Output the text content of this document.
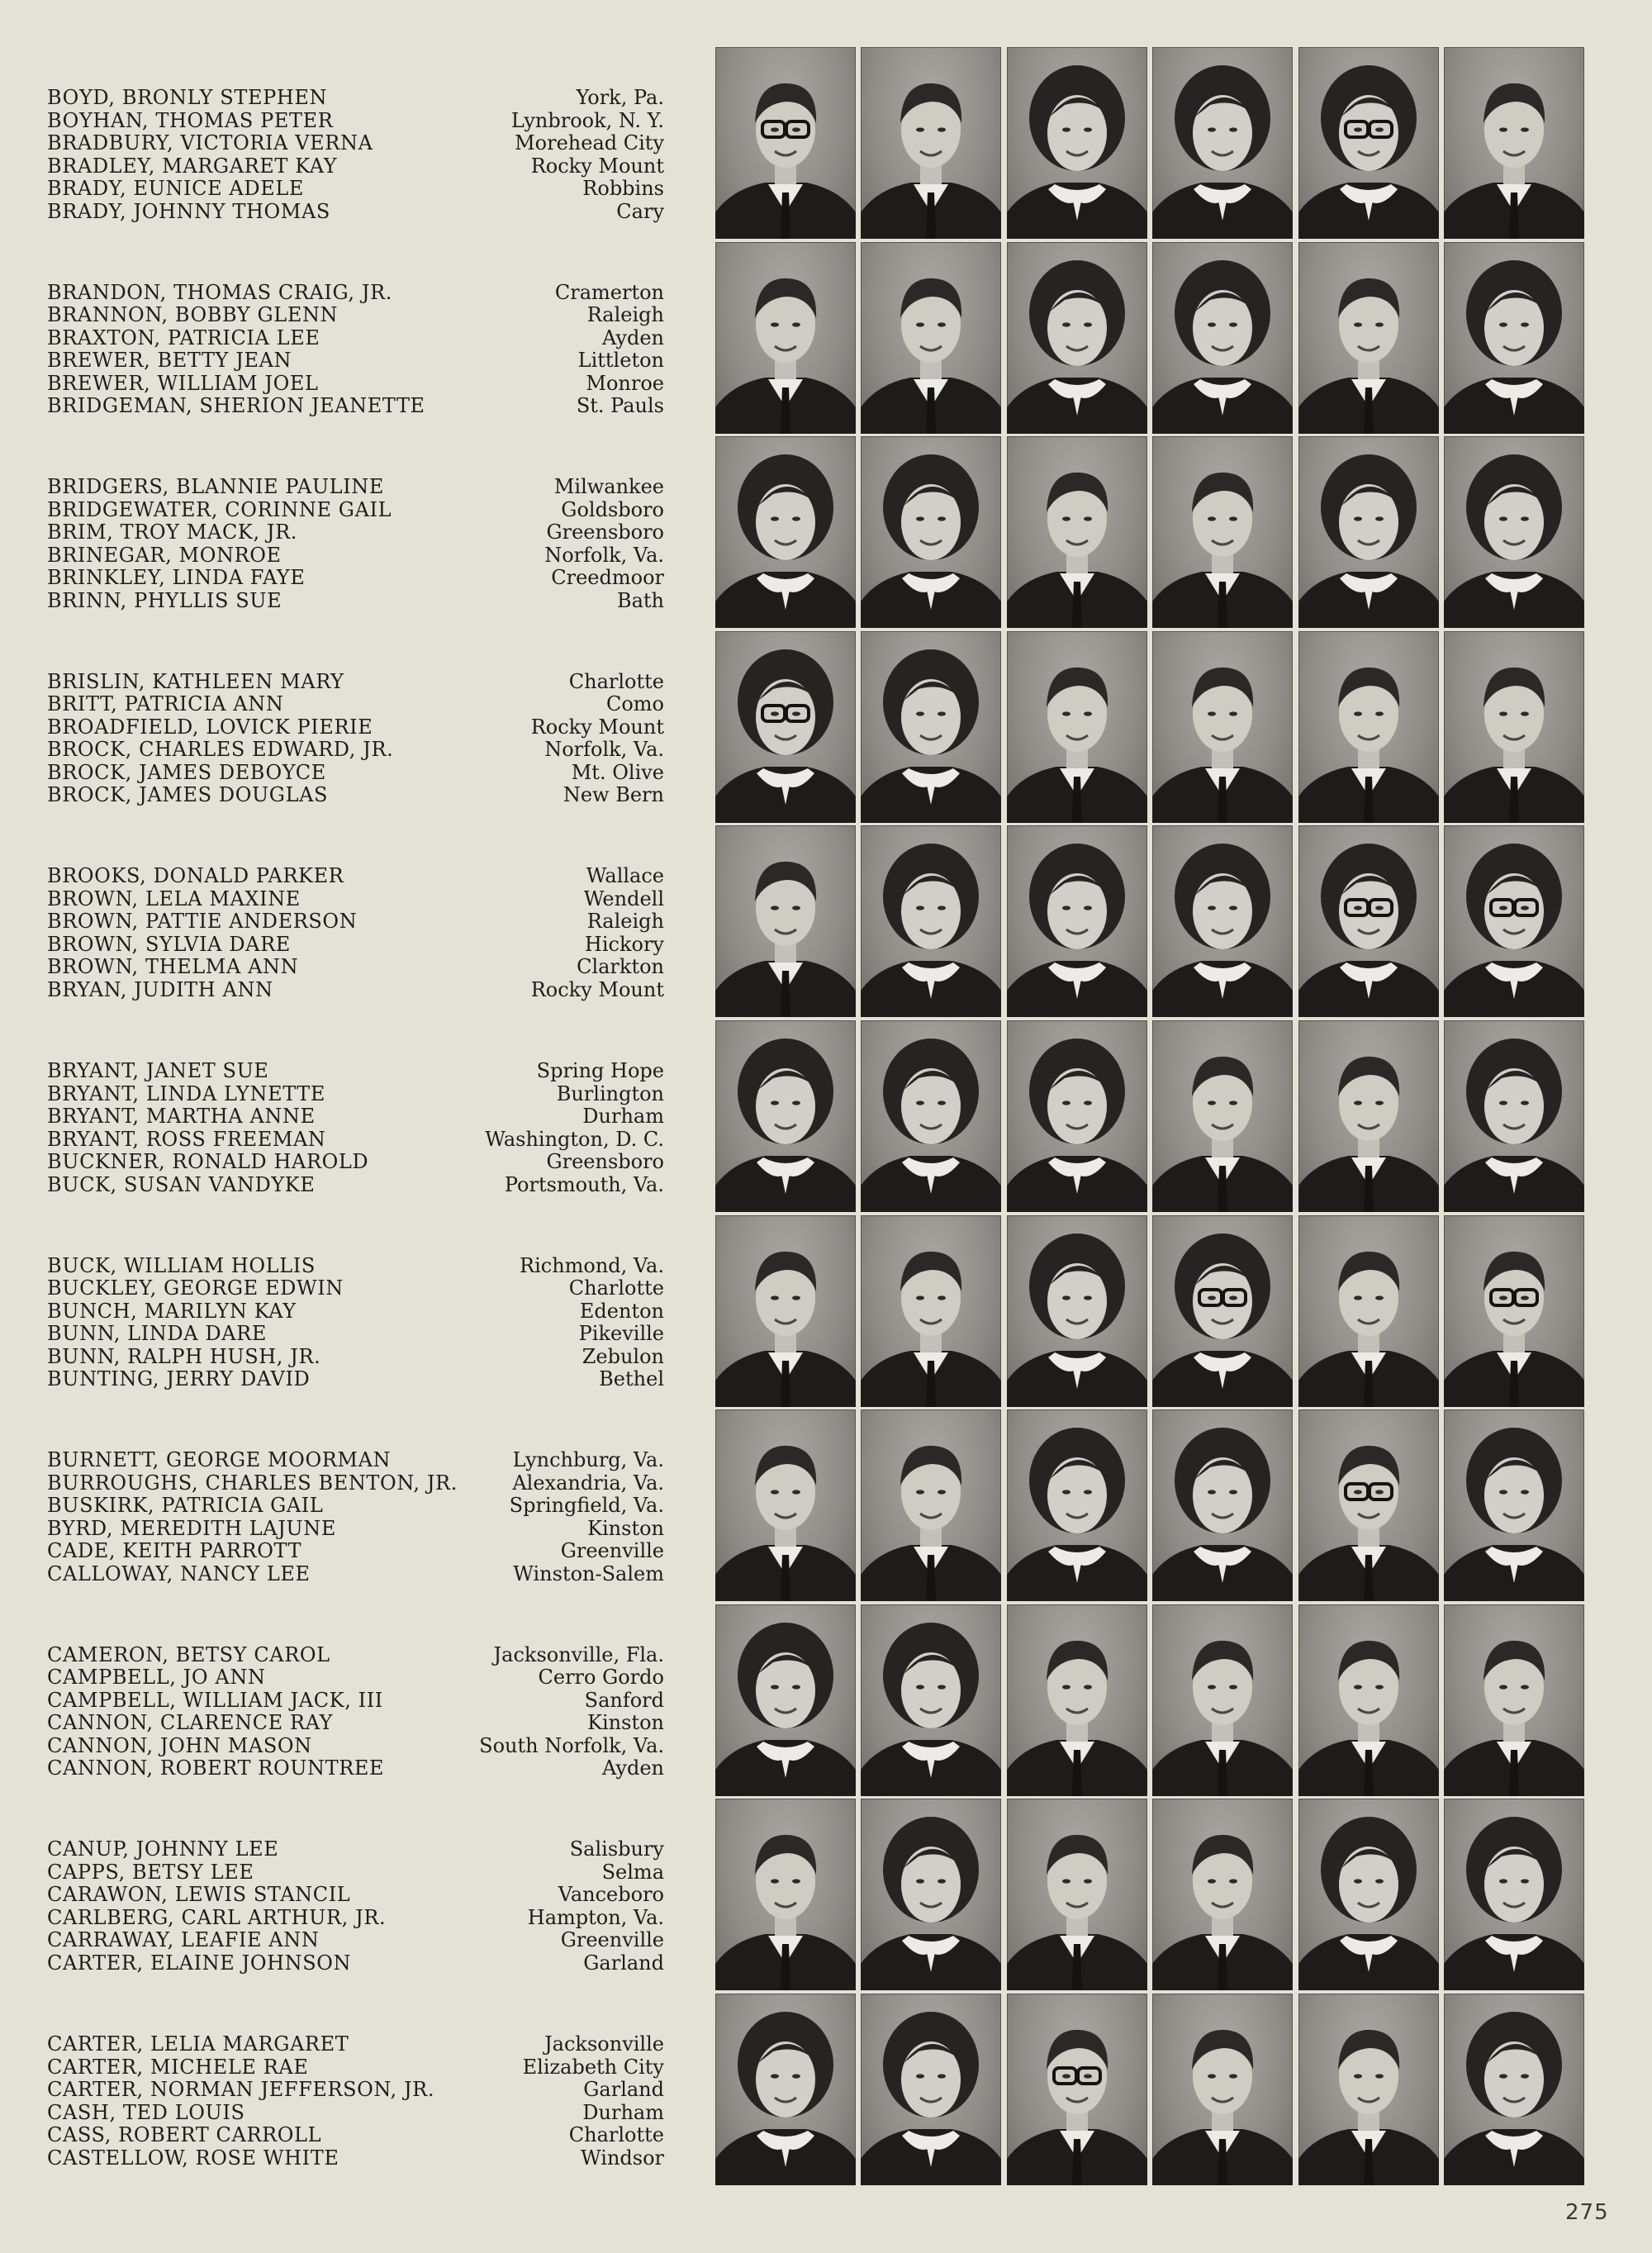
BOYD, BRONLY STEPHEN
BOYHAN, THOMAS PETER
BRADBURY, VICTORIA VERNA
BRADLEY, MARGARET KAY
BRADY, EUNICE ADELE
BRADY, JOHNNY THOMAS
York, Pa.
Lynbrook, N. Y.
Morehead City
Rocky Mount
Robbins
Cary
BRANDON, THOMAS CRAIG, JR.
BRANNON, BOBBY GLENN
BRAXTON, PATRICIA LEE
BREWER, BETTY JEAN
BREWER, WILLIAM JOEL
BRIDGEMAN, SHERION JEANETTE
Cramerton
Raleigh
Ayden
Littleton
Monroe
St. Pauls
BRIDGERS, BLANNIE PAULINE
BRIDGEWATER, CORINNE GAIL
BRIM, TROY MACK, JR.
BRINEGAR, MONROE
BRINKLEY, LINDA FAYE
BRINN, PHYLLIS SUE
Milwankee
Goldsboro
Greensboro
Norfolk, Va.
Creedmoor
Bath
BRISLIN, KATHLEEN MARY
BRITT, PATRICIA ANN
BROADFIELD, LOVICK PIERIE
BROCK, CHARLES EDWARD, JR.
BROCK, JAMES DEBOYCE
BROCK, JAMES DOUGLAS
Charlotte
Como
Rocky Mount
Norfolk, Va.
Mt. Olive
New Bern
BROOKS, DONALD PARKER
BROWN, LELA MAXINE
BROWN, PATTIE ANDERSON
BROWN, SYLVIA DARE
BROWN, THELMA ANN
BRYAN, JUDITH ANN
Wallace
Wendell
Raleigh
Hickory
Clarkton
Rocky Mount
BRYANT, JANET SUE
BRYANT, LINDA LYNETTE
BRYANT, MARTHA ANNE
BRYANT, ROSS FREEMAN
BUCKNER, RONALD HAROLD
BUCK, SUSAN VANDYKE
Spring Hope
Burlington
Durham
Washington, D. C.
Greensboro
Portsmouth, Va.
BUCK, WILLIAM HOLLIS
BUCKLEY, GEORGE EDWIN
BUNCH, MARILYN KAY
BUNN, LINDA DARE
BUNN, RALPH HUSH, JR.
BUNTING, JERRY DAVID
Richmond, Va.
Charlotte
Edenton
Pikeville
Zebulon
Bethel
BURNETT, GEORGE MOORMAN
BURROUGHS, CHARLES BENTON, JR.
BUSKIRK, PATRICIA GAIL
BYRD, MEREDITH LAJUNE
CADE, KEITH PARROTT
CALLOWAY, NANCY LEE
Lynchburg, Va.
Alexandria, Va.
Springfield, Va.
Kinston
Greenville
Winston-Salem
CAMERON, BETSY CAROL
CAMPBELL, JO ANN
CAMPBELL, WILLIAM JACK, III
CANNON, CLARENCE RAY
CANNON, JOHN MASON
CANNON, ROBERT ROUNTREE
Jacksonville, Fla.
Cerro Gordo
Sanford
Kinston
South Norfolk, Va.
Ayden
CANUP, JOHNNY LEE
CAPPS, BETSY LEE
CARAWON, LEWIS STANCIL
CARLBERG, CARL ARTHUR, JR.
CARRAWAY, LEAFIE ANN
CARTER, ELAINE JOHNSON
Salisbury
Selma
Vanceboro
Hampton, Va.
Greenville
Garland
CARTER, LELIA MARGARET
CARTER, MICHELE RAE
CARTER, NORMAN JEFFERSON, JR.
CASH, TED LOUIS
CASS, ROBERT CARROLL
CASTELLOW, ROSE WHITE
Jacksonville
Elizabeth City
Garland
Durham
Charlotte
Windsor
275
